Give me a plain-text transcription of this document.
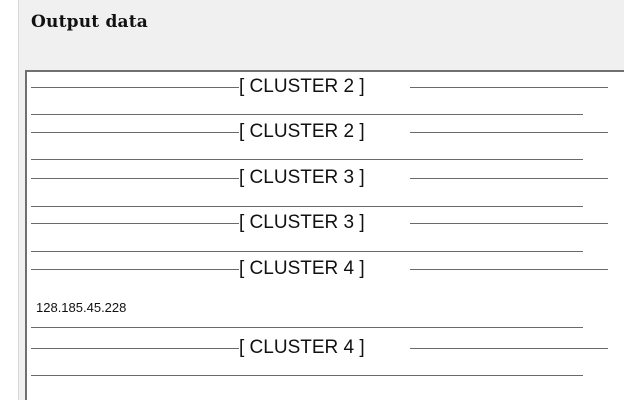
Output data
[ CLUSTER 2 ]
[ CLUSTER 2 ]
[ CLUSTER 3 ]
[ CLUSTER 3 ]
[ CLUSTER 4 ]
128.185.45.228
[ CLUSTER 4 ]
